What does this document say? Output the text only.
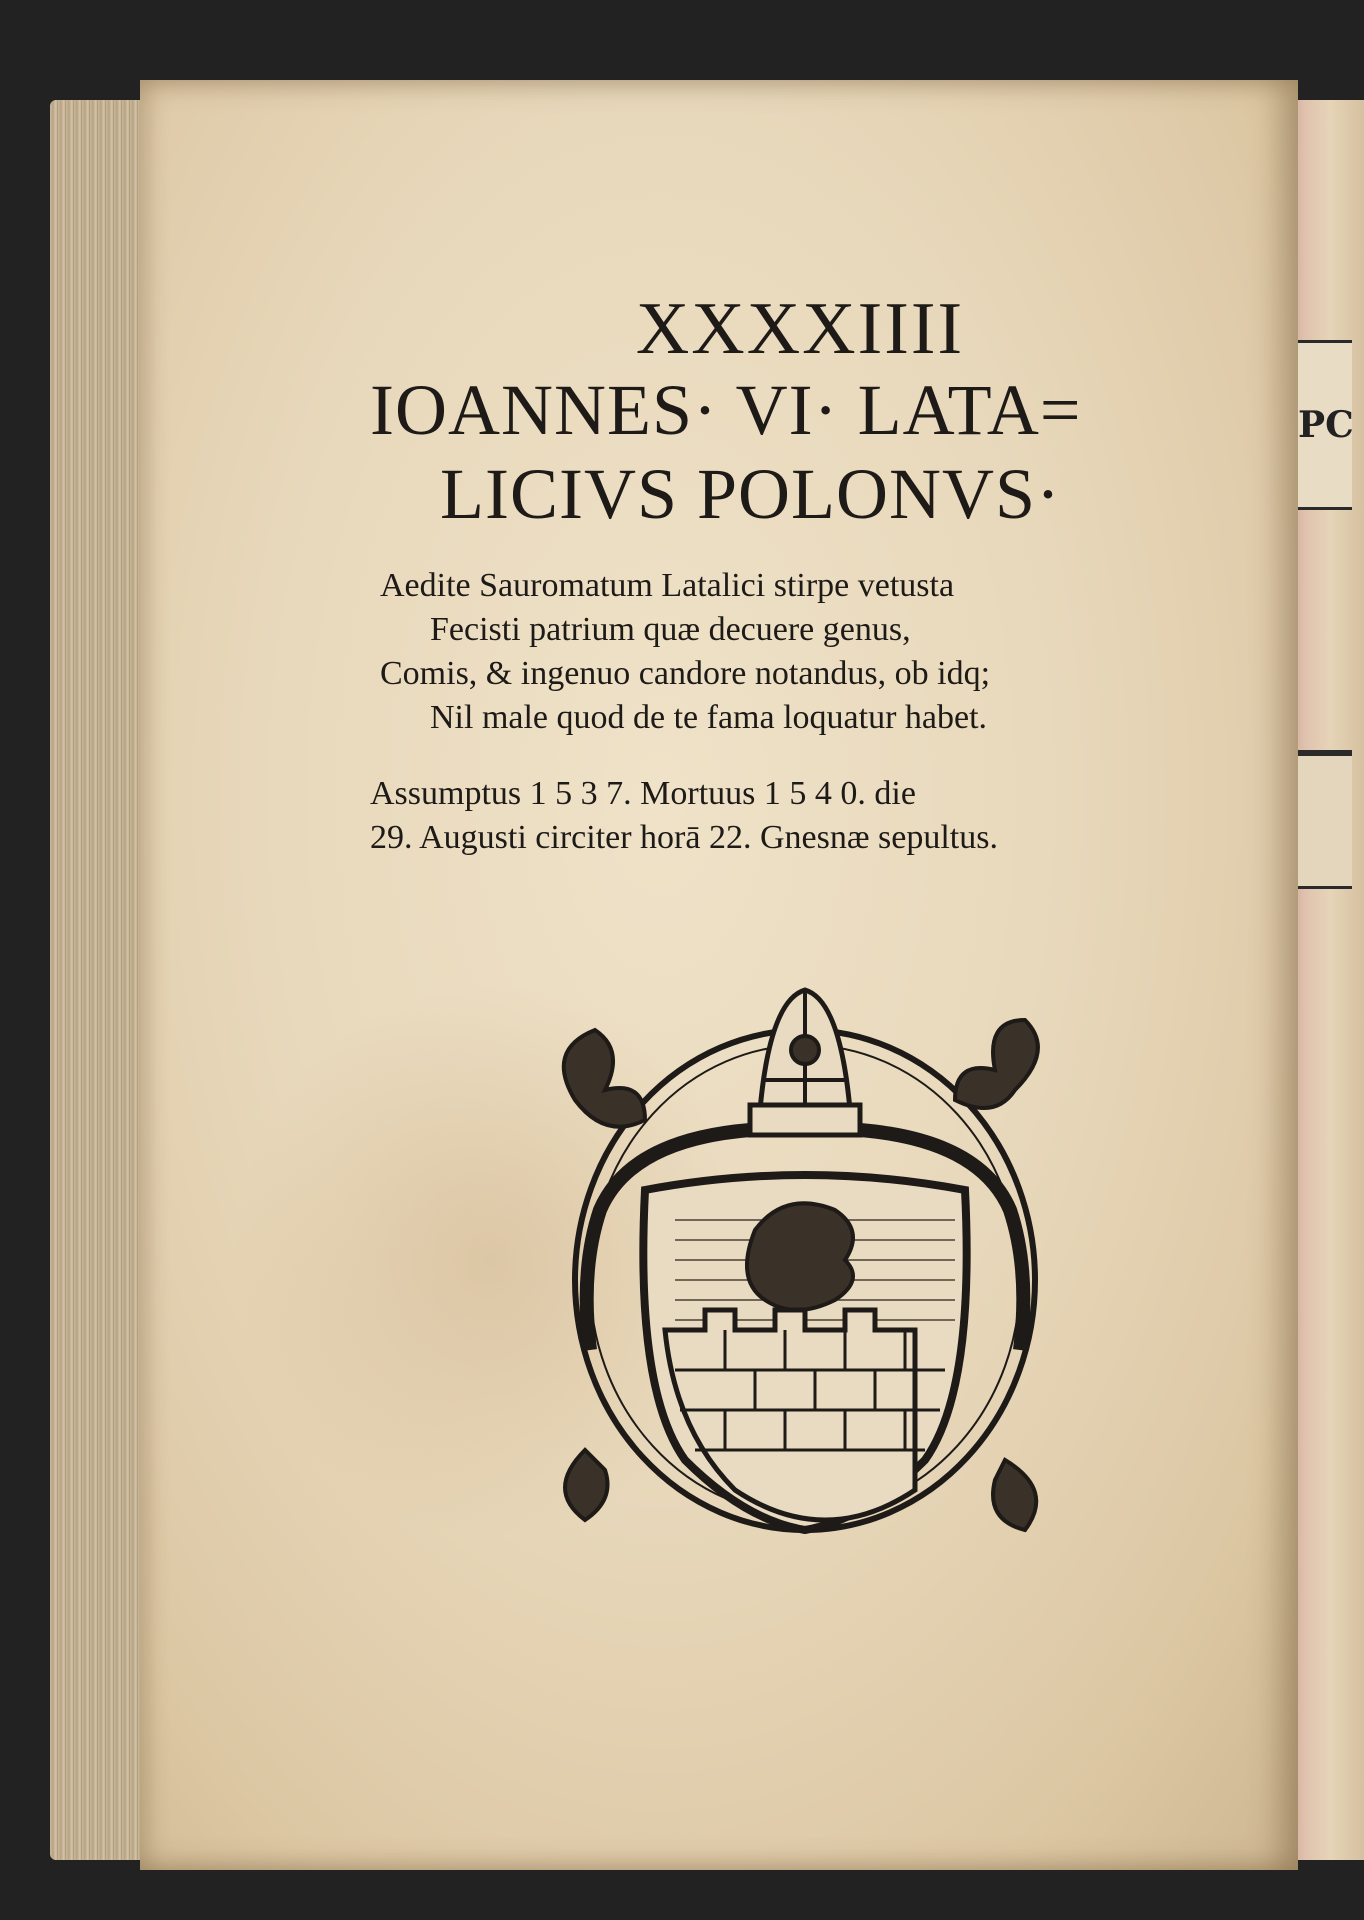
PC
XXXXIIII
IOANNES· VI· LATA=
LICIVS POLONVS·
Aedite Sauromatum Latalici stirpe vetusta
Fecisti patrium quæ decuere genus,
Comis, & ingenuo candore notandus, ob idq;
Nil male quod de te fama loquatur habet.
Assumptus 1 5 3 7. Mortuus 1 5 4 0. die
29. Augusti circiter horā 22. Gnesnæ sepultus.
